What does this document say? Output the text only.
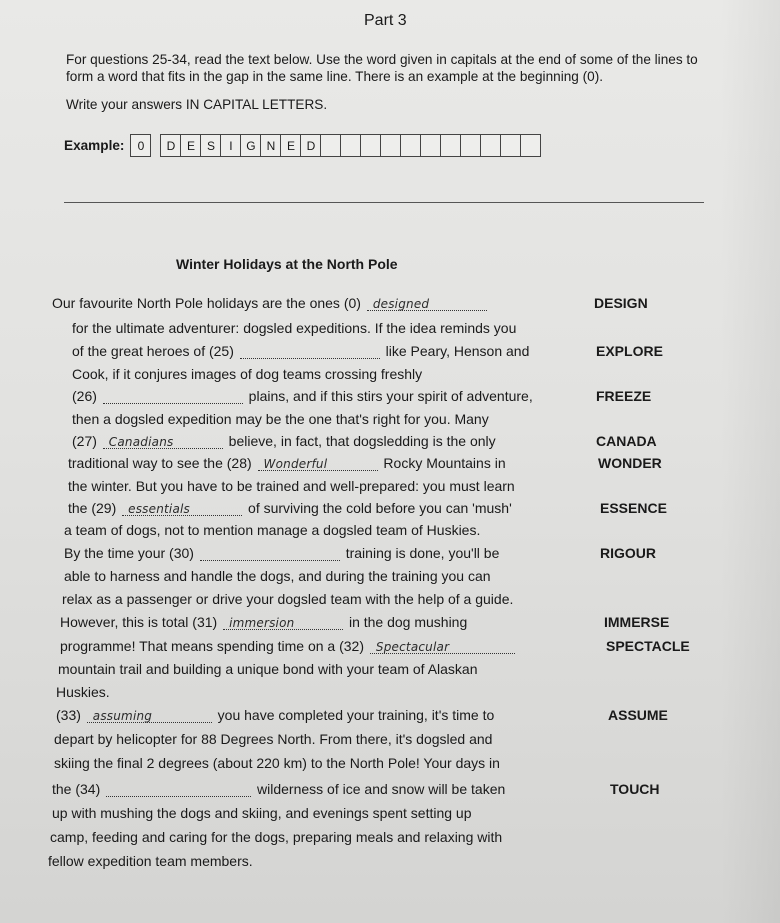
Part 3
For questions 25-34, read the text below. Use the word given in capitals at the end of some of the lines to form a word that fits in the gap in the same line. There is an example at the beginning (0).
Write your answers IN CAPITAL LETTERS.
Example:	0	D E S	I	G N E D
Winter Holidays at the North Pole
Our favourite North Pole holidays are the ones (0) designed	DESIGN
for the ultimate adventurer: dogsled expeditions. If the idea reminds you
of the great heroes of (25)	like Peary, Henson and	EXPLORE
Cook, if it conjures images of dog teams crossing freshly
(26)	plains, and if this stirs your spirit of adventure,	FREEZE
then a dogsled expedition may be the one that's right for you. Many
(27) Canadians	believe, in fact, that dogsledding is the only	CANADA
traditional way to see the (28) Wonderful	Rocky Mountains in	WONDER
the winter. But you have to be trained and well-prepared: you must learn
the (29) essentials	of surviving the cold before you can 'mush'	ESSENCE
a team of dogs, not to mention manage a dogsled team of Huskies.
By the time your (30)	training is done, you'll be	RIGOUR
able to harness and handle the dogs, and during the training you can
relax as a passenger or drive your dogsled team with the help of a guide.
However, this is total (31) immersion	in the dog mushing	IMMERSE
programme! That means spending time on a (32) Spectacular	SPECTACLE
mountain trail and building a unique bond with your team of Alaskan
Huskies.
(33) assuming	you have completed your training, it's time to	ASSUME
depart by helicopter for 88 Degrees North. From there, it's dogsled and
skiing the final 2 degrees (about 220 km) to the North Pole! Your days in
the (34)	wilderness of ice and snow will be taken	TOUCH
up with mushing the dogs and skiing, and evenings spent setting up
camp, feeding and caring for the dogs, preparing meals and relaxing with
fellow expedition team members.
